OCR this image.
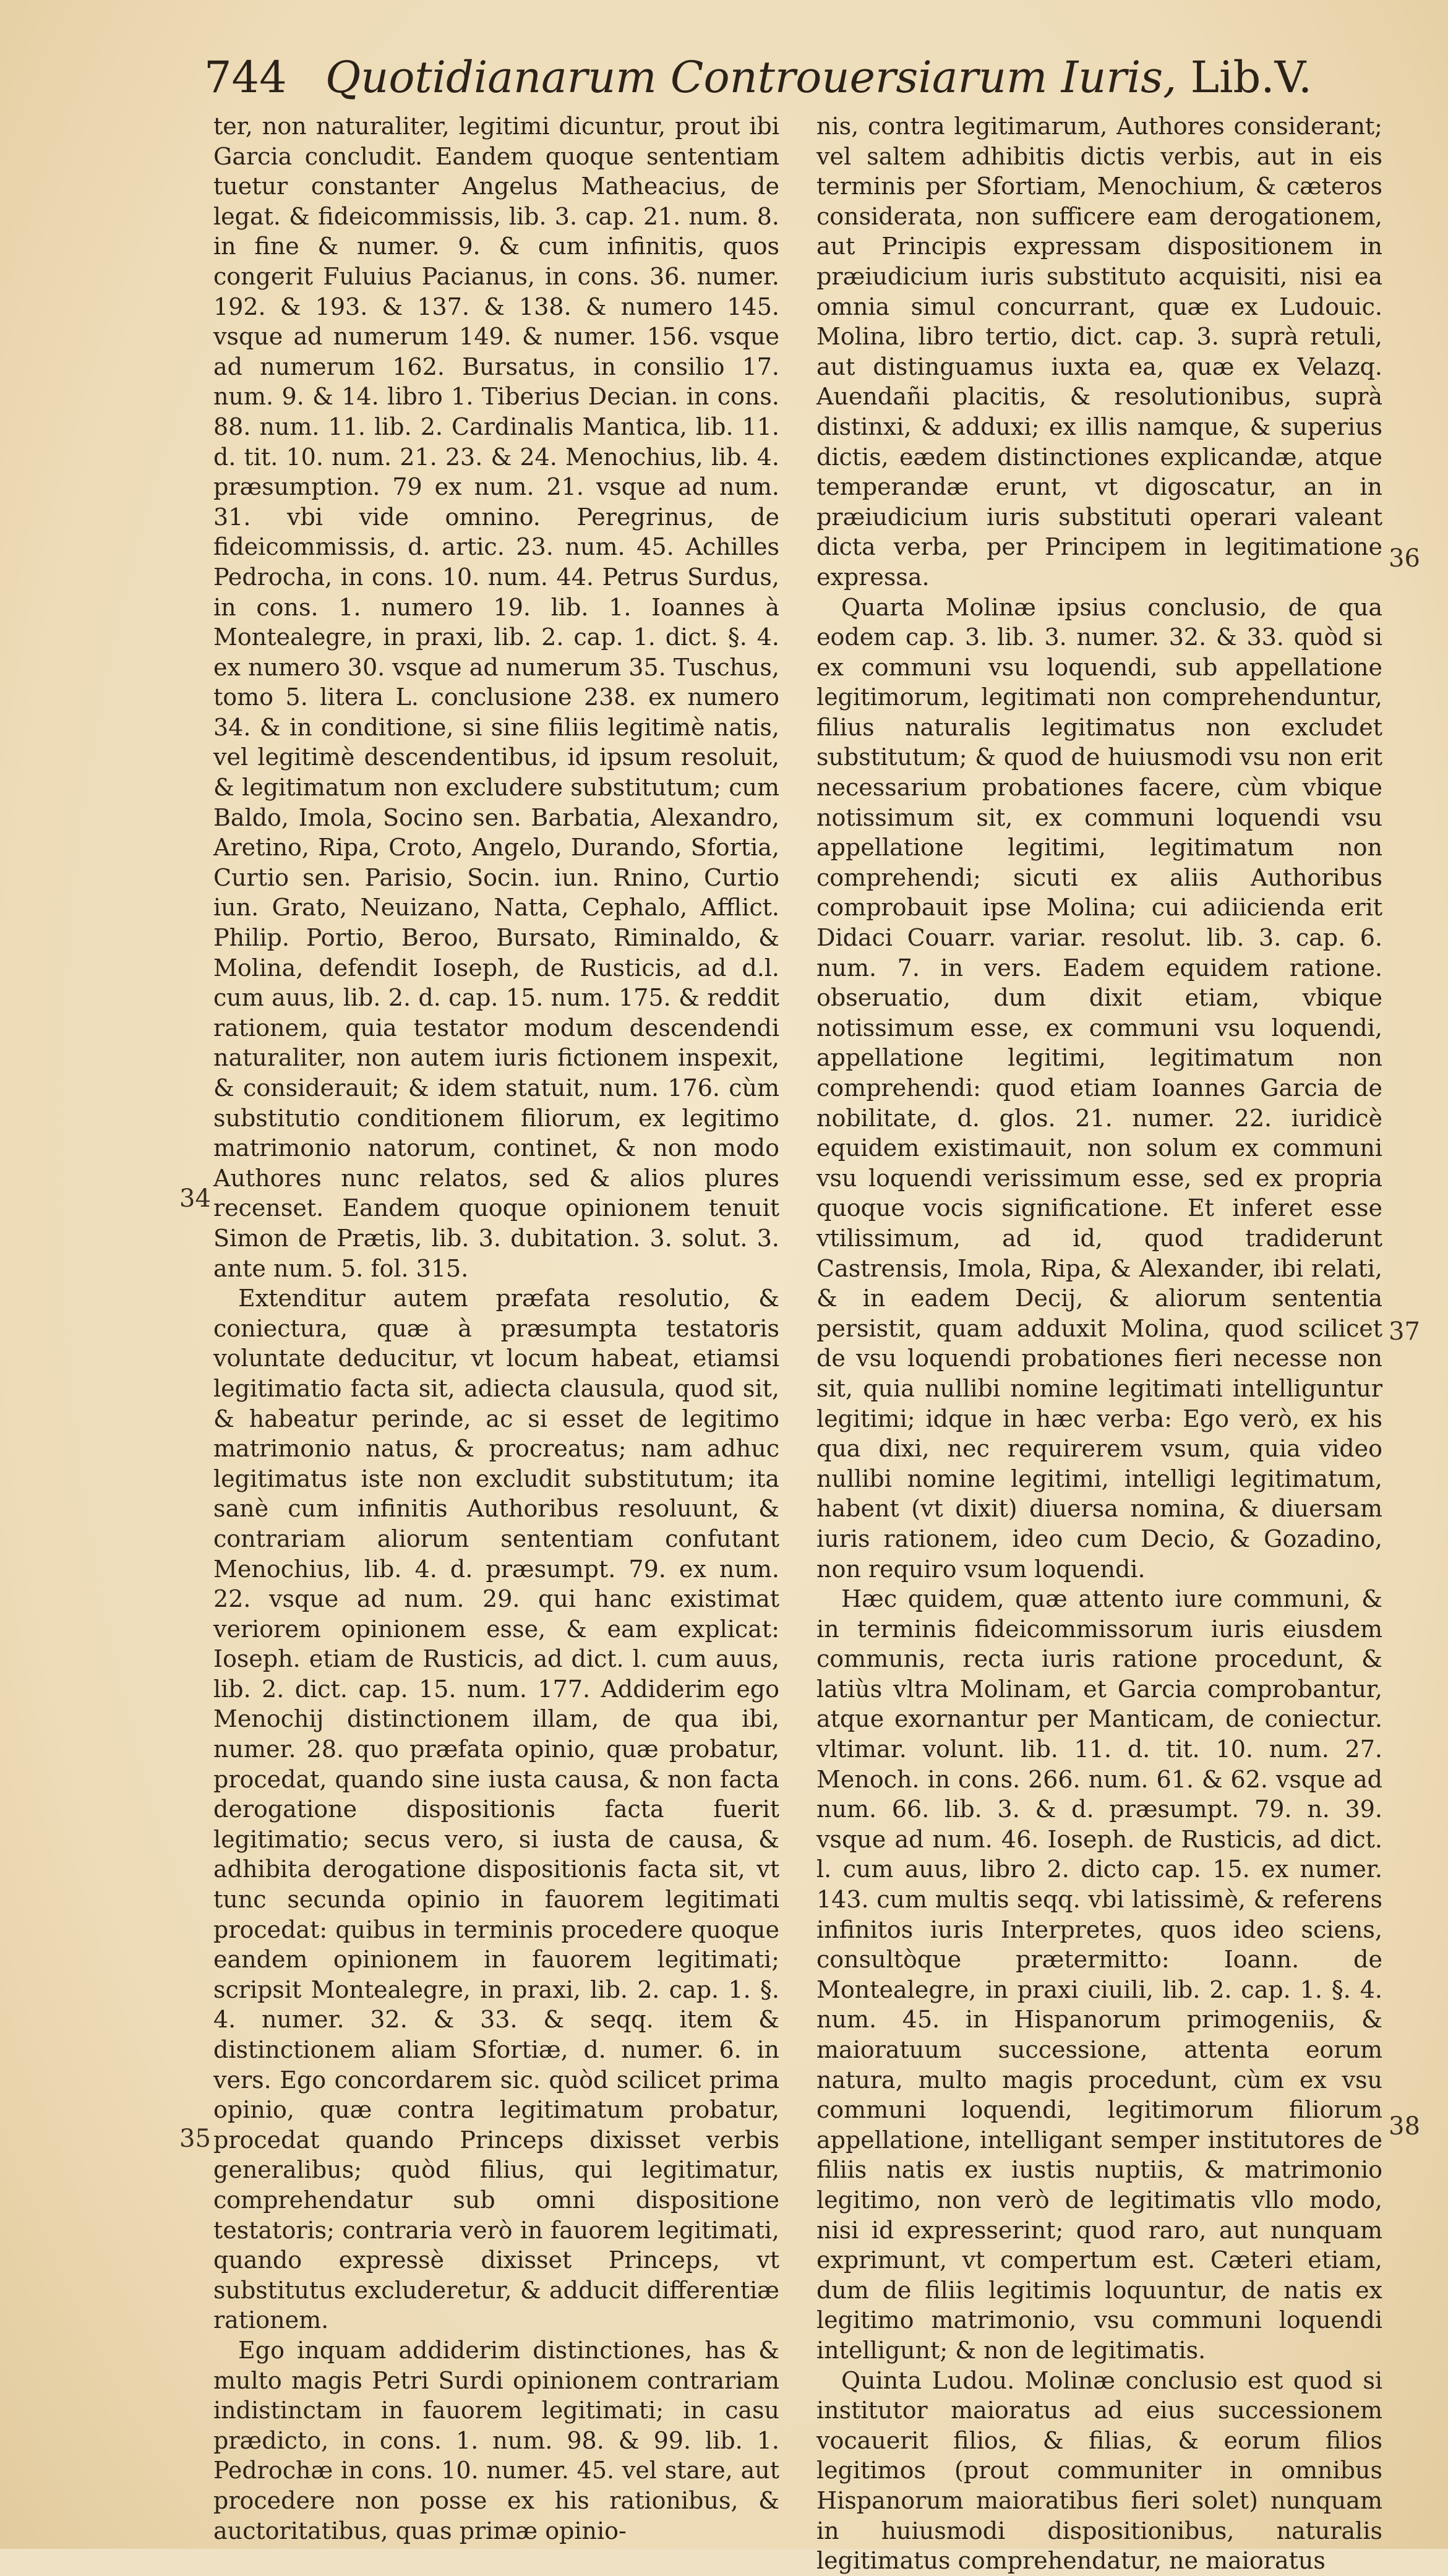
744 Quotidianarum Controuersiarum Iuris, Lib.V.

ter, non naturaliter, legitimi dicuntur, prout ibi Garcia concludit. Eandem quoque sententiam tuetur constanter Angelus Matheacius, de legat. & fideicommissis, lib. 3. cap. 21. num. 8. in fine & numer. 9. & cum infinitis, quos congerit Fuluius Pacianus, in cons. 36. numer. 192. & 193. & 137. & 138. & numero 145. vsque ad numerum 149. & numer. 156. vsque ad numerum 162. Bursatus, in consilio 17. num. 9. & 14. libro 1. Tiberius Decian. in cons. 88. num. 11. lib. 2. Cardinalis Mantica, lib. 11. d. tit. 10. num. 21. 23. & 24. Menochius, lib. 4. præsumption. 79 ex num. 21. vsque ad num. 31. vbi vide omnino. Peregrinus, de fideicommissis, d. artic. 23. num. 45. Achilles Pedrocha, in cons. 10. num. 44. Petrus Surdus, in cons. 1. numero 19. lib. 1. Ioannes à Montealegre, in praxi, lib. 2. cap. 1. dict. §. 4. ex numero 30. vsque ad numerum 35. Tuschus, tomo 5. litera L. conclusione 238. ex numero 34. & in conditione, si sine filiis legitimè natis, vel legitimè descendentibus, id ipsum resoluit, & legitimatum non excludere substitutum; cum Baldo, Imola, Socino sen. Barbatia, Alexandro, Aretino, Ripa, Croto, Angelo, Durando, Sfortia, Curtio sen. Parisio, Socin. iun. Rnino, Curtio iun. Grato, Neuizano, Natta, Cephalo, Afflict. Philip. Portio, Beroo, Bursato, Riminaldo, & Molina, defendit Ioseph, de Rusticis, ad d.l. cum auus, lib. 2. d. cap. 15. num. 175. & reddit rationem, quia testator modum descendendi naturaliter, non autem iuris fictionem inspexit, & considerauit; & idem statuit, num. 176. cùm substitutio conditionem filiorum, ex legitimo matrimonio natorum, continet, & non modo Authores nunc relatos, sed & alios plures recenset. Eandem quoque opinionem tenuit Simon de Prætis, lib. 3. dubitation. 3. solut. 3. ante num. 5. fol. 315.

Extenditur autem præfata resolutio, & coniectura, quæ à præsumpta testatoris voluntate deducitur, vt locum habeat, etiamsi legitimatio facta sit, adiecta clausula, quod sit, & habeatur perinde, ac si esset de legitimo matrimonio natus, & procreatus; nam adhuc legitimatus iste non excludit substitutum; ita sanè cum infinitis Authoribus resoluunt, & contrariam aliorum sententiam confutant Menochius, lib. 4. d. præsumpt. 79. ex num. 22. vsque ad num. 29. qui hanc existimat veriorem opinionem esse, & eam explicat: Ioseph. etiam de Rusticis, ad dict. l. cum auus, lib. 2. dict. cap. 15. num. 177. Addiderim ego Menochij distinctionem illam, de qua ibi, numer. 28. quo præfata opinio, quæ probatur, procedat, quando sine iusta causa, & non facta derogatione dispositionis facta fuerit legitimatio; secus vero, si iusta de causa, & adhibita derogatione dispositionis facta sit, vt tunc secunda opinio in fauorem legitimati procedat: quibus in terminis procedere quoque eandem opinionem in fauorem legitimati; scripsit Montealegre, in praxi, lib. 2. cap. 1. §. 4. numer. 32. & 33. & seqq. item & distinctionem aliam Sfortiæ, d. numer. 6. in vers. Ego concordarem sic. quòd scilicet prima opinio, quæ contra legitimatum probatur, procedat quando Princeps dixisset verbis generalibus; quòd filius, qui legitimatur, comprehendatur sub omni dispositione testatoris; contraria verò in fauorem legitimati, quando expressè dixisset Princeps, vt substitutus excluderetur, & adducit differentiæ rationem.

Ego inquam addiderim distinctiones, has & multo magis Petri Surdi opinionem contrariam indistinctam in fauorem legitimati; in casu prædicto, in cons. 1. num. 98. & 99. lib. 1. Pedrochæ in cons. 10. numer. 45. vel stare, aut procedere non posse ex his rationibus, & auctoritatibus, quas primæ opinio-

nis, contra legitimarum, Authores considerant; vel saltem adhibitis dictis verbis, aut in eis terminis per Sfortiam, Menochium, & cæteros considerata, non sufficere eam derogationem, aut Principis expressam dispositionem in præiudicium iuris substituto acquisiti, nisi ea omnia simul concurrant, quæ ex Ludouic. Molina, libro tertio, dict. cap. 3. suprà retuli, aut distinguamus iuxta ea, quæ ex Velazq. Auendañi placitis, & resolutionibus, suprà distinxi, & adduxi; ex illis namque, & superius dictis, eædem distinctiones explicandæ, atque temperandæ erunt, vt digoscatur, an in præiudicium iuris substituti operari valeant dicta verba, per Principem in legitimatione expressa.

Quarta Molinæ ipsius conclusio, de qua eodem cap. 3. lib. 3. numer. 32. & 33. quòd si ex communi vsu loquendi, sub appellatione legitimorum, legitimati non comprehenduntur, filius naturalis legitimatus non excludet substitutum; & quod de huiusmodi vsu non erit necessarium probationes facere, cùm vbique notissimum sit, ex communi loquendi vsu appellatione legitimi, legitimatum non comprehendi; sicuti ex aliis Authoribus comprobauit ipse Molina; cui adiicienda erit Didaci Couarr. variar. resolut. lib. 3. cap. 6. num. 7. in vers. Eadem equidem ratione. obseruatio, dum dixit etiam, vbique notissimum esse, ex communi vsu loquendi, appellatione legitimi, legitimatum non comprehendi: quod etiam Ioannes Garcia de nobilitate, d. glos. 21. numer. 22. iuridicè equidem existimauit, non solum ex communi vsu loquendi verissimum esse, sed ex propria quoque vocis significatione. Et inferet esse vtilissimum, ad id, quod tradiderunt Castrensis, Imola, Ripa, & Alexander, ibi relati, & in eadem Decij, & aliorum sententia persistit, quam adduxit Molina, quod scilicet de vsu loquendi probationes fieri necesse non sit, quia nullibi nomine legitimati intelliguntur legitimi; idque in hæc verba: Ego verò, ex his qua dixi, nec requirerem vsum, quia video nullibi nomine legitimi, intelligi legitimatum, habent (vt dixit) diuersa nomina, & diuersam iuris rationem, ideo cum Decio, & Gozadino, non requiro vsum loquendi.

Hæc quidem, quæ attento iure communi, & in terminis fideicommissorum iuris eiusdem communis, recta iuris ratione procedunt, & latiùs vltra Molinam, et Garcia comprobantur, atque exornantur per Manticam, de coniectur. vltimar. volunt. lib. 11. d. tit. 10. num. 27. Menoch. in cons. 266. num. 61. & 62. vsque ad num. 66. lib. 3. & d. præsumpt. 79. n. 39. vsque ad num. 46. Ioseph. de Rusticis, ad dict. l. cum auus, libro 2. dicto cap. 15. ex numer. 143. cum multis seqq. vbi latissimè, & referens infinitos iuris Interpretes, quos ideo sciens, consultòque prætermitto: Ioann. de Montealegre, in praxi ciuili, lib. 2. cap. 1. §. 4. num. 45. in Hispanorum primogeniis, & maioratuum successione, attenta eorum natura, multo magis procedunt, cùm ex vsu communi loquendi, legitimorum filiorum appellatione, intelligant semper institutores de filiis natis ex iustis nuptiis, & matrimonio legitimo, non verò de legitimatis vllo modo, nisi id expresserint; quod raro, aut nunquam exprimunt, vt compertum est. Cæteri etiam, dum de filiis legitimis loquuntur, de natis ex legitimo matrimonio, vsu communi loquendi intelligunt; & non de legitimatis.

Quinta Ludou. Molinæ conclusio est quod si institutor maioratus ad eius successionem vocauerit filios, & filias, & eorum filios legitimos (prout communiter in omnibus Hispanorum maioratibus fieri solet) nunquam in huiusmodi dispositionibus, naturalis legitimatus comprehendatur, ne maioratus

34
35
36
37
38
